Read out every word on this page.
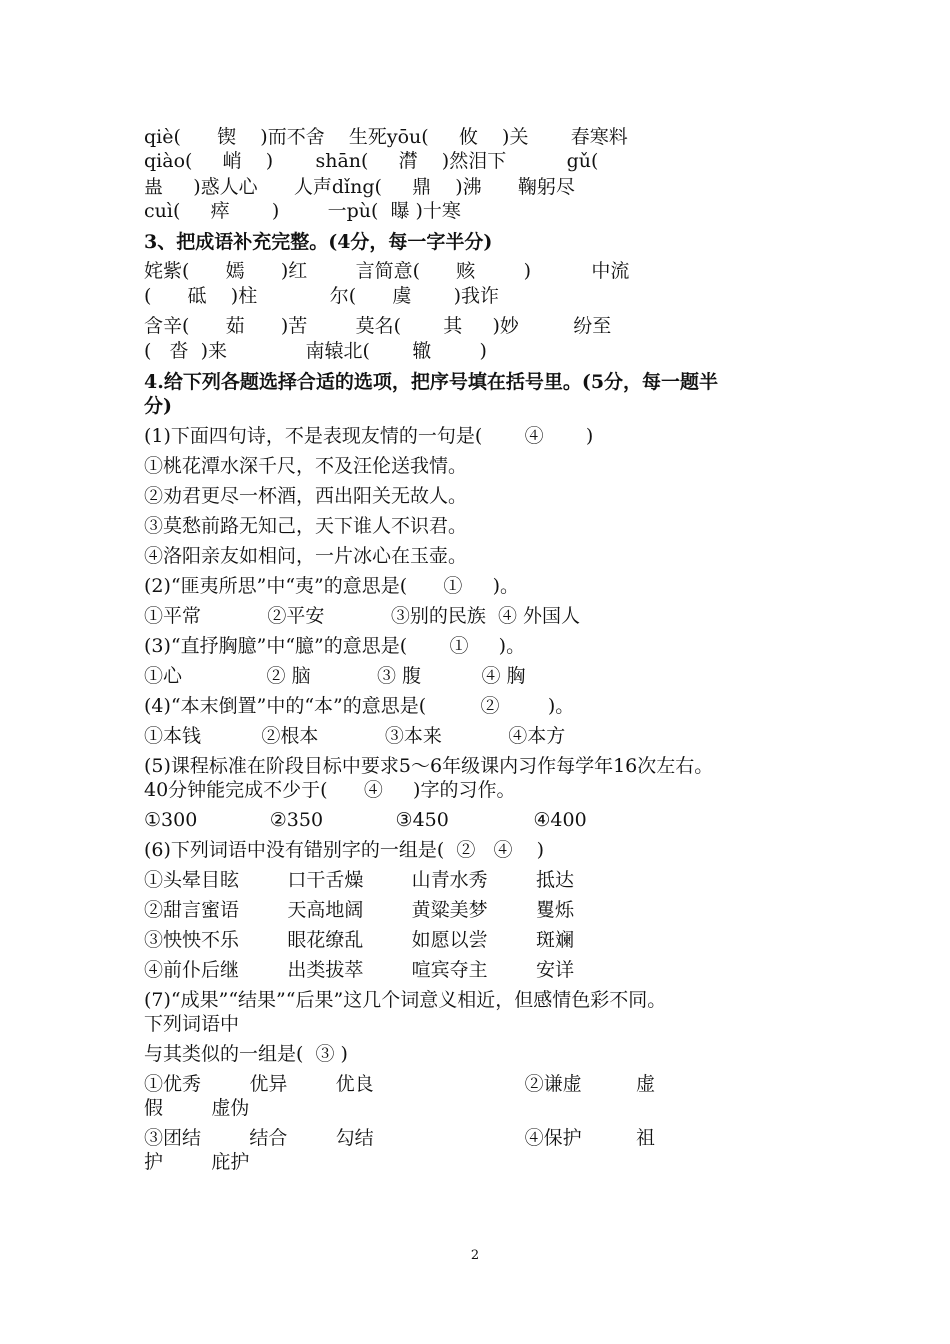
qiè(      锲    )而不舍    生死yōu(     攸    )关       春寒料
qiào(     峭    )       shān(     潸    )然泪下          gǔ(
蛊     )惑人心      人声dǐng(     鼎    )沸      鞠躬尽
cuì(     瘁       )        一pù(  曝 )十寒
3、把成语补充完整。(4分，每一字半分)
姹紫(      嫣      )红        言简意(      赅        )          中流
(      砥    )柱            尔(      虞       )我诈
含辛(      茹      )苦        莫名(       其     )妙         纷至
(   沓  )来             南辕北(       辙        )
4.给下列各题选择合适的选项，把序号填在括号里。(5分，每一题半
分)
(1)下面四句诗，不是表现友情的一句是(       ④       )
①桃花潭水深千尺，不及汪伦送我情。
②劝君更尽一杯酒，西出阳关无故人。
③莫愁前路无知己，天下谁人不识君。
④洛阳亲友如相问，一片冰心在玉壶。
(2)“匪夷所思”中“夷”的意思是(      ①     )。
①平常           ②平安           ③别的民族  ④ 外国人
(3)“直抒胸臆”中“臆”的意思是(       ①     )。
①心              ② 脑           ③ 腹          ④ 胸
(4)“本末倒置”中的“本”的意思是(         ②        )。
①本钱          ②根本           ③本来           ④本方
(5)课程标准在阶段目标中要求5～6年级课内习作每学年16次左右。
40分钟能完成不少于(      ④     )字的习作。
①300            ②350            ③450              ④400
(6)下列词语中没有错别字的一组是(  ②   ④    )
①头晕目眩        口干舌燥        山青水秀        抵达
②甜言蜜语        天高地阔        黄粱美梦        矍烁
③怏怏不乐        眼花缭乱        如愿以尝        斑斓
④前仆后继        出类拔萃        喧宾夺主        安详
(7)“成果”“结果”“后果”这几个词意义相近，但感情色彩不同。
下列词语中
与其类似的一组是(  ③ )
①优秀        优异        优良                         ②谦虚         虚
假        虚伪
③团结        结合        勾结                         ④保护         祖
护        庇护
2
